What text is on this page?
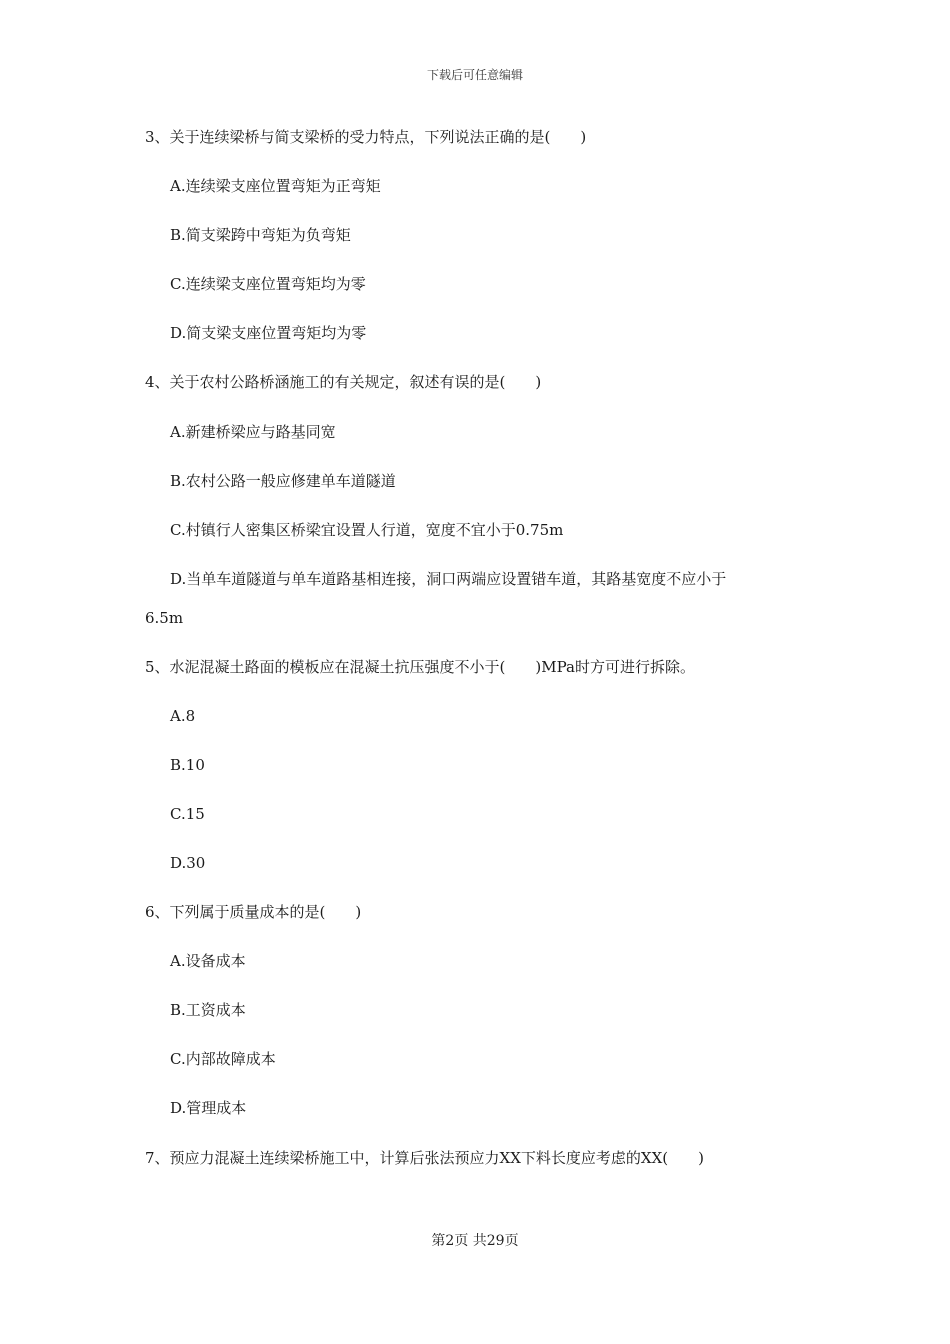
下载后可任意编辑
3、关于连续梁桥与简支梁桥的受力特点，下列说法正确的是(　　)
A.连续梁支座位置弯矩为正弯矩
B.简支梁跨中弯矩为负弯矩
C.连续梁支座位置弯矩均为零
D.简支梁支座位置弯矩均为零
4、关于农村公路桥涵施工的有关规定，叙述有误的是(　　)
A.新建桥梁应与路基同宽
B.农村公路一般应修建单车道隧道
C.村镇行人密集区桥梁宜设置人行道，宽度不宜小于0.75m
D.当单车道隧道与单车道路基相连接，洞口两端应设置错车道，其路基宽度不应小于
6.5m
5、水泥混凝土路面的模板应在混凝土抗压强度不小于(　　)MPa时方可进行拆除。
A.8
B.10
C.15
D.30
6、下列属于质量成本的是(　　)
A.设备成本
B.工资成本
C.内部故障成本
D.管理成本
7、预应力混凝土连续梁桥施工中，计算后张法预应力XX下料长度应考虑的XX(　　)
第2页 共29页
